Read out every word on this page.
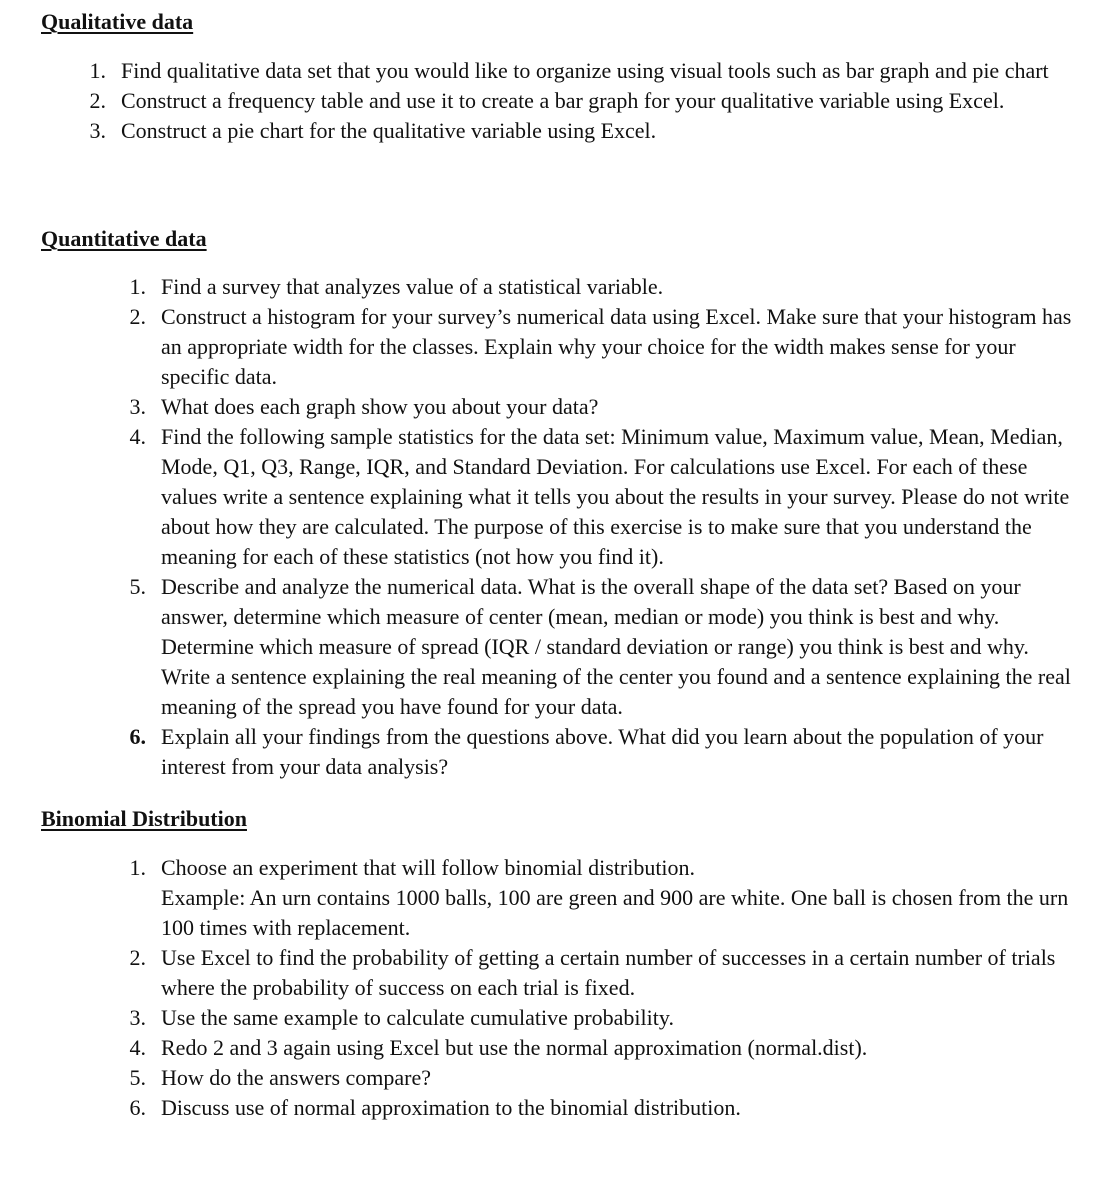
Qualitative data
1. Find qualitative data set that you would like to organize using visual tools such as bar graph and pie chart
2. Construct a frequency table and use it to create a bar graph for your qualitative variable using Excel.
3. Construct a pie chart for the qualitative variable using Excel.
Quantitative data
1. Find a survey that analyzes value of a statistical variable.
2. Construct a histogram for your survey’s numerical data using Excel. Make sure that your histogram has an appropriate width for the classes. Explain why your choice for the width makes sense for your specific data.
3. What does each graph show you about your data?
4. Find the following sample statistics for the data set: Minimum value, Maximum value, Mean, Median, Mode, Q1, Q3, Range, IQR, and Standard Deviation. For calculations use Excel. For each of these values write a sentence explaining what it tells you about the results in your survey. Please do not write about how they are calculated. The purpose of this exercise is to make sure that you understand the meaning for each of these statistics (not how you find it).
5. Describe and analyze the numerical data. What is the overall shape of the data set? Based on your answer, determine which measure of center (mean, median or mode) you think is best and why. Determine which measure of spread (IQR / standard deviation or range) you think is best and why. Write a sentence explaining the real meaning of the center you found and a sentence explaining the real meaning of the spread you have found for your data.
6. Explain all your findings from the questions above. What did you learn about the population of your interest from your data analysis?
Binomial Distribution
1. Choose an experiment that will follow binomial distribution.
Example: An urn contains 1000 balls, 100 are green and 900 are white. One ball is chosen from the urn 100 times with replacement.
2. Use Excel to find the probability of getting a certain number of successes in a certain number of trials where the probability of success on each trial is fixed.
3. Use the same example to calculate cumulative probability.
4. Redo 2 and 3 again using Excel but use the normal approximation (normal.dist).
5. How do the answers compare?
6. Discuss use of normal approximation to the binomial distribution.
